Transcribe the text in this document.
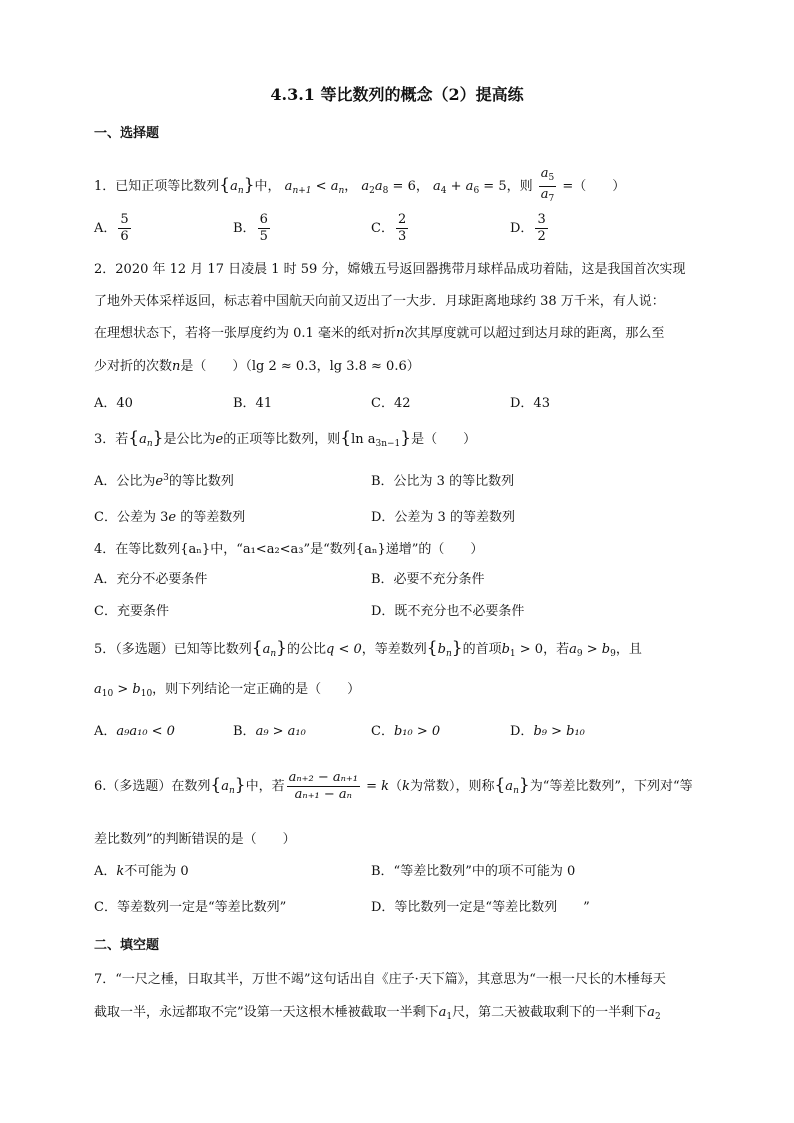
4.3.1 等比数列的概念（2）提高练
一、选择题
1．已知正项等比数列$\{a_n\}$中， $a_{n+1} < a_n$， $a_2a_8 = 6$， $a_4 + a_6 = 5$，则 $\frac{a_5}{a_7}$ =（　　）
A． $\frac{5}{6}$	B． $\frac{6}{5}$	C． $\frac{2}{3}$	D． $\frac{3}{2}$
2．2020 年 12 月 17 日凌晨 1 时 59 分，嫦娥五号返回器携带月球样品成功着陆，这是我国首次实现
了地外天体采样返回，标志着中国航天向前又迈出了一大步．月球距离地球约 38 万千米，有人说：
在理想状态下，若将一张厚度约为 0.1 毫米的纸对折n次其厚度就可以超过到达月球的距离，那么至
少对折的次数n是（　　）（lg 2 ≈ 0.3，lg 3.8 ≈ 0.6）
A．40	B．41	C．42	D．43
3．若$\{a_n\}$是公比为e的正项等比数列，则{ln $a_{3n-1}$}是（　　）
A．公比为$e^3$的等比数列	B．公比为 3 的等比数列
C．公差为 3e 的等差数列	D．公差为 3 的等差数列
4．在等比数列{aₙ}中，“a₁<a₂<a₃”是“数列{aₙ}递增”的（　　）
A．充分不必要条件	B．必要不充分条件
C．充要条件	D．既不充分也不必要条件
5．（多选题）已知等比数列$\{a_n\}$的公比q < 0，等差数列$\{b_n\}$的首项$b_1 > 0$，若$a_9 > b_9$，且
$a_{10} > b_{10}$，则下列结论一定正确的是（　　）
A．a₉a₁₀ < 0	B．a₉ > a₁₀	C．b₁₀ > 0	D．b₉ > b₁₀
6.（多选题）在数列$\{a_n\}$中，若 $\frac{\text{aₙ₊₂ − aₙ₊₁}}{\text{aₙ₊₁ − aₙ}} = k(k$为常数），则称$\{a_n\}$为“等差比数列”，下列对“等
差比数列”的判断错误的是（　　）
A．k不可能为 0	B．“等差比数列”中的项不可能为 0
C．等差数列一定是“等差比数列”	D．等比数列一定是“等差比数列　　”
二、填空题
7．“一尺之棰，日取其半，万世不竭”这句话出自《庄子·天下篇》，其意思为“一根一尺长的木棰每天
截取一半，永远都取不完”设第一天这根木棰被截取一半剩下$a_1$尺，第二天被截取剩下的一半剩下$a_2$
